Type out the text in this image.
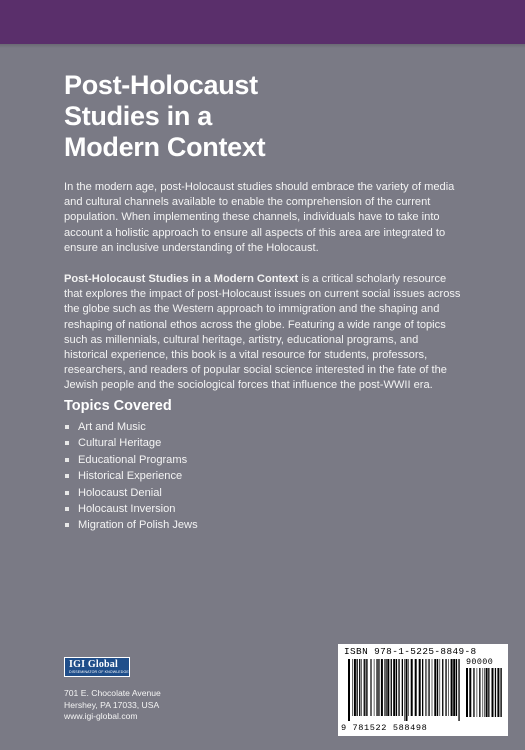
Post-Holocaust
Studies in a
Modern Context

In the modern age, post-Holocaust studies should embrace the variety of media and cultural channels available to enable the comprehension of the current population. When implementing these channels, individuals have to take into account a holistic approach to ensure all aspects of this area are integrated to ensure an inclusive understanding of the Holocaust.

Post-Holocaust Studies in a Modern Context is a critical scholarly resource that explores the impact of post-Holocaust issues on current social issues across the globe such as the Western approach to immigration and the shaping and reshaping of national ethos across the globe. Featuring a wide range of topics such as millennials, cultural heritage, artistry, educational programs, and historical experience, this book is a vital resource for students, professors, researchers, and readers of popular social science interested in the fate of the Jewish people and the sociological forces that influence the post-WWII era.

Topics Covered
Art and Music
Cultural Heritage
Educational Programs
Historical Experience
Holocaust Denial
Holocaust Inversion
Migration of Polish Jews
IGI Global
DISSEMINATOR OF KNOWLEDGE

701 E. Chocolate Avenue
Hershey, PA 17033, USA
www.igi-global.com

ISBN 978-1-5225-8849-8
90000
9 781522 588498
